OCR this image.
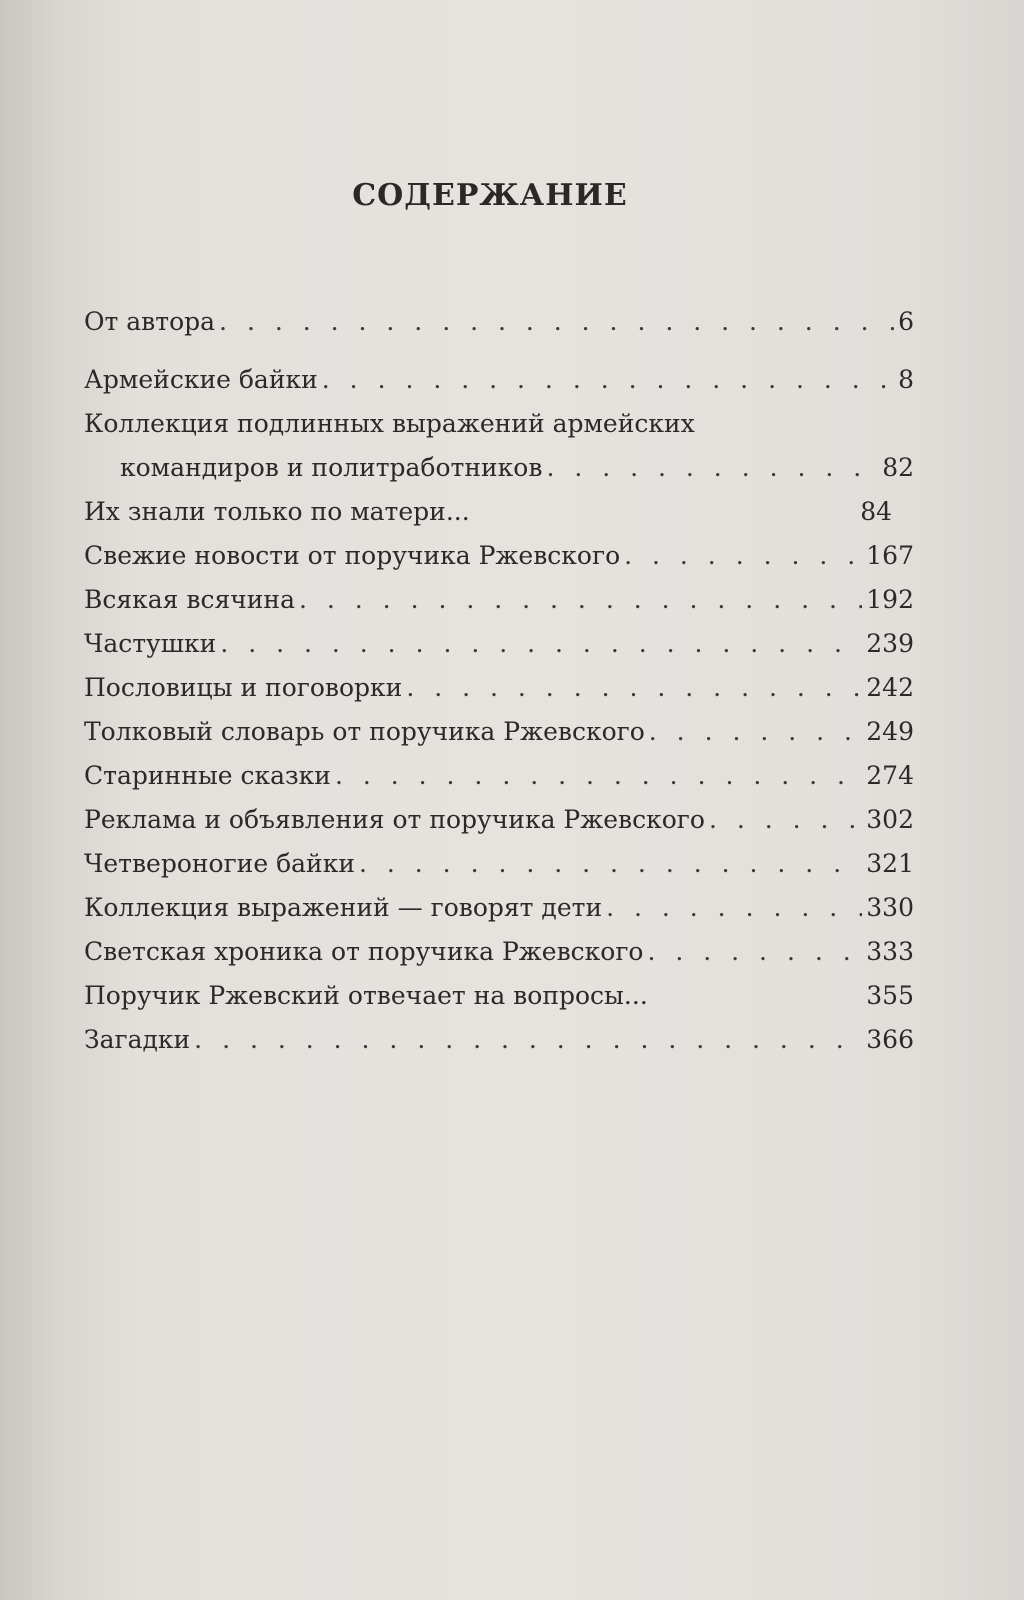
СОДЕРЖАНИЕ
От автора . . .	6
Армейские байки . . .	8
Коллекция подлинных выражений армейских
командиров и политработников . . .	82
Их знали только по матери...	84
Свежие новости от поручика Ржевского . . .	167
Всякая всячина . . .	192
Частушки . . .	239
Пословицы и поговорки . . .	242
Толковый словарь от поручика Ржевского . . .	249
Старинные сказки . . .	274
Реклама и объявления от поручика Ржевского . . .	302
Четвероногие байки . . .	321
Коллекция выражений — говорят дети . . .	330
Светская хроника от поручика Ржевского . . .	333
Поручик Ржевский отвечает на вопросы...	355
Загадки . . .	366
